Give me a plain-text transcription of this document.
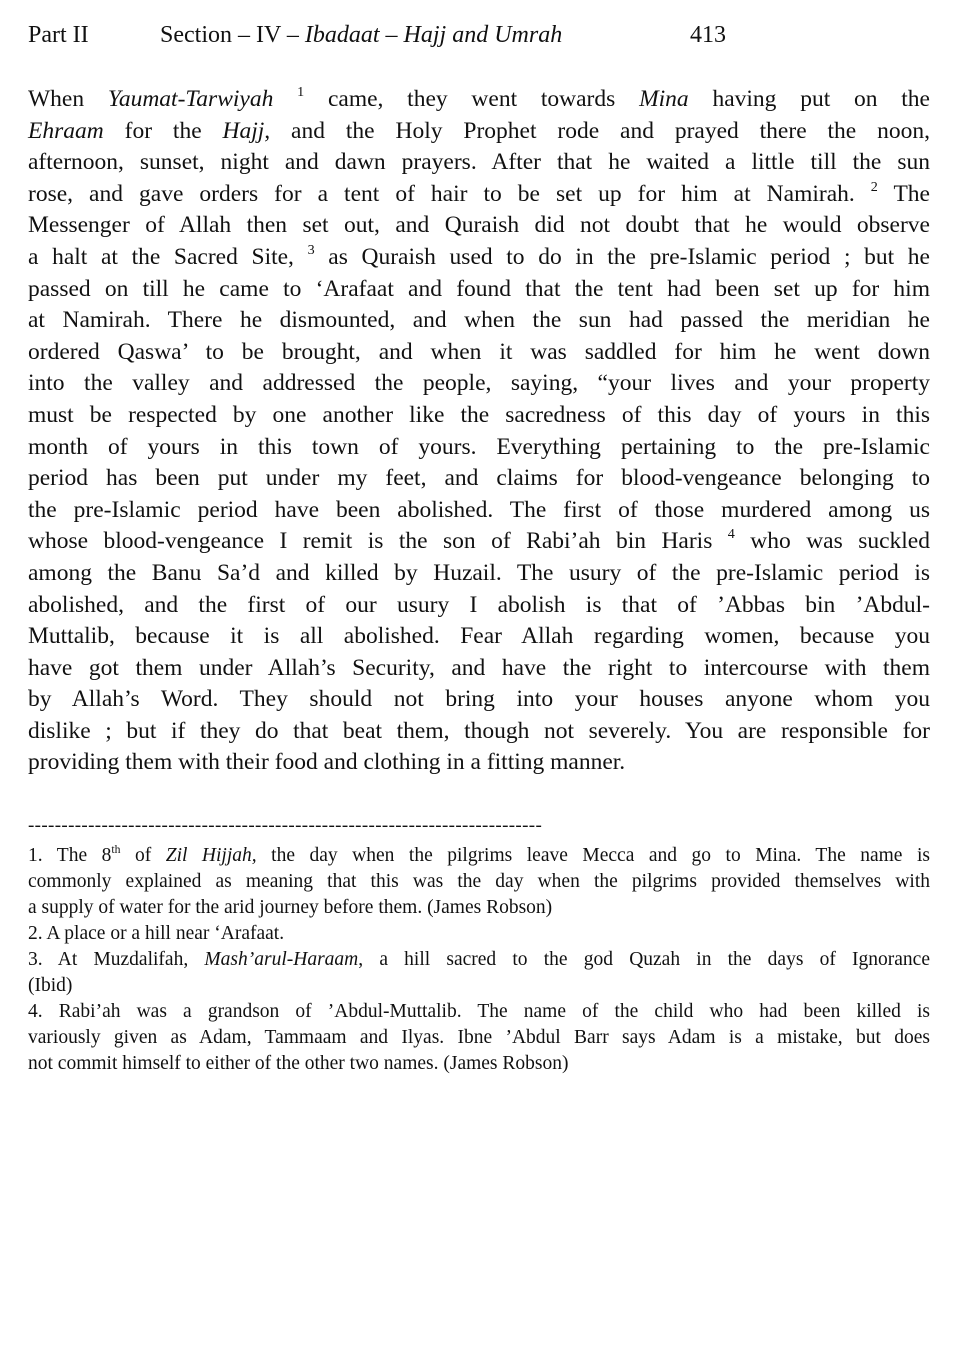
Part II	Section – IV – Ibadaat – Hajj and Umrah	413
When Yaumat-Tarwiyah $^1$ came, they went towards Mina having put on the
Ehraam for the Hajj, and the Holy Prophet rode and prayed there the noon,
afternoon, sunset, night and dawn prayers. After that he waited a little till the sun
rose, and gave orders for a tent of hair to be set up for him at Namirah. $^2$ The
Messenger of Allah then set out, and Quraish did not doubt that he would observe
a halt at the Sacred Site, $^3$ as Quraish used to do in the pre-Islamic period ; but he
passed on till he came to ‘Arafaat and found that the tent had been set up for him
at Namirah. There he dismounted, and when the sun had passed the meridian he
ordered Qaswa’ to be brought, and when it was saddled for him he went down
into the valley and addressed the people, saying, “your lives and your property
must be respected by one another like the sacredness of this day of yours in this
month of yours in this town of yours. Everything pertaining to the pre-Islamic
period has been put under my feet, and claims for blood-vengeance belonging to
the pre-Islamic period have been abolished. The first of those murdered among us
whose blood-vengeance I remit is the son of Rabi’ah bin Haris $^4$ who was suckled
among the Banu Sa’d and killed by Huzail. The usury of the pre-Islamic period is
abolished, and the first of our usury I abolish is that of ’Abbas bin ’Abdul-
Muttalib, because it is all abolished. Fear Allah regarding women, because you
have got them under Allah’s Security, and have the right to intercourse with them
by Allah’s Word. They should not bring into your houses anyone whom you
dislike ; but if they do that beat them, though not severely. You are responsible for
providing them with their food and clothing in a fitting manner.
-----------------------------------------------------------------------------
1. The 8th of Zil Hijjah, the day when the pilgrims leave Mecca and go to Mina. The name is
commonly explained as meaning that this was the day when the pilgrims provided themselves with
a supply of water for the arid journey before them. (James Robson)
2. A place or a hill near ‘Arafaat.
3. At Muzdalifah, Mash’arul-Haraam, a hill sacred to the god Quzah in the days of Ignorance
(Ibid)
4. Rabi’ah was a grandson of ’Abdul-Muttalib. The name of the child who had been killed is
variously given as Adam, Tammaam and Ilyas. Ibne ’Abdul Barr says Adam is a mistake, but does
not commit himself to either of the other two names. (James Robson)
